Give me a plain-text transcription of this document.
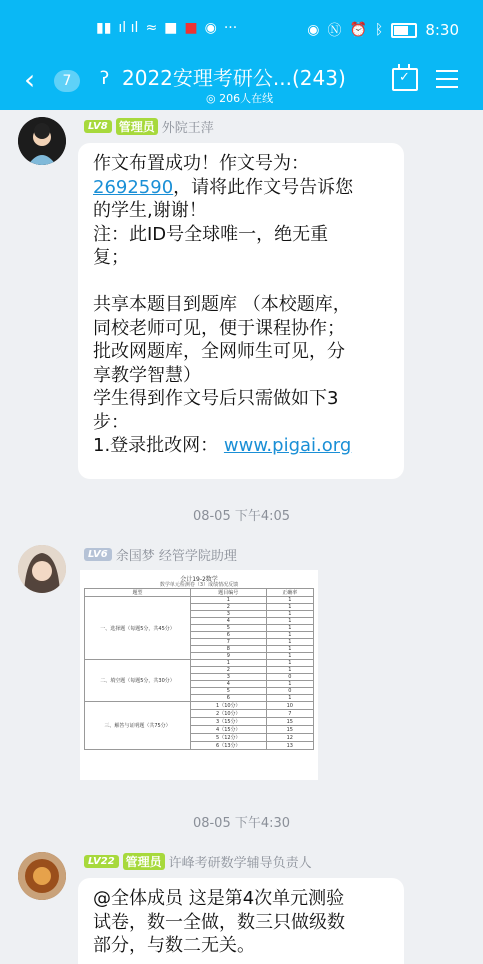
▮▮ ıl ıl ≈ ■ ■ ◉ ···	◉ Ⓝ ⏰ ᛒ	8:30
‹	7	ʔ 2022安理考研公...(243)
◎ 206人在线
✓
LV8 管理员 外院王萍

作文布置成功！作文号为：

2692590，请将此作文号告诉您

的学生,谢谢！

注：此ID号全球唯一，绝无重

复；

共享本题目到题库 （本校题库，

同校老师可见，便于课程协作；

批改网题库，全网师生可见，分

享教学智慧）

学生得到作文号后只需做如下3

步：

1.登录批改网： www.pigai.org

08-05 下午4:05
LV6 余国梦 经管学院助理
会计19-2数学
数学单元检测卷（3）成绩情况反馈
题型	题目编号	正确率
一、选择题（每题5分，共45分）	1	1
	2	1
	3	1
	4	1
	5	1
	6	1
	7	1
	8	1
	9	1
二、填空题（每题5分，共30分）	1	1
	2	1
	3	0
	4	1
	5	0
	6	1
三、解答与证明题（共75分）	1（10分）	10
	2（10分）	7
	3（15分）	15
	4（15分）	15
	5（12分）	12
	6（13分）	13
08-05 下午4:30
LV22 管理员 许峰考研数学辅导负责人

@全体成员 这是第4次单元测验

试卷，数一全做，数三只做级数

部分，与数二无关。
